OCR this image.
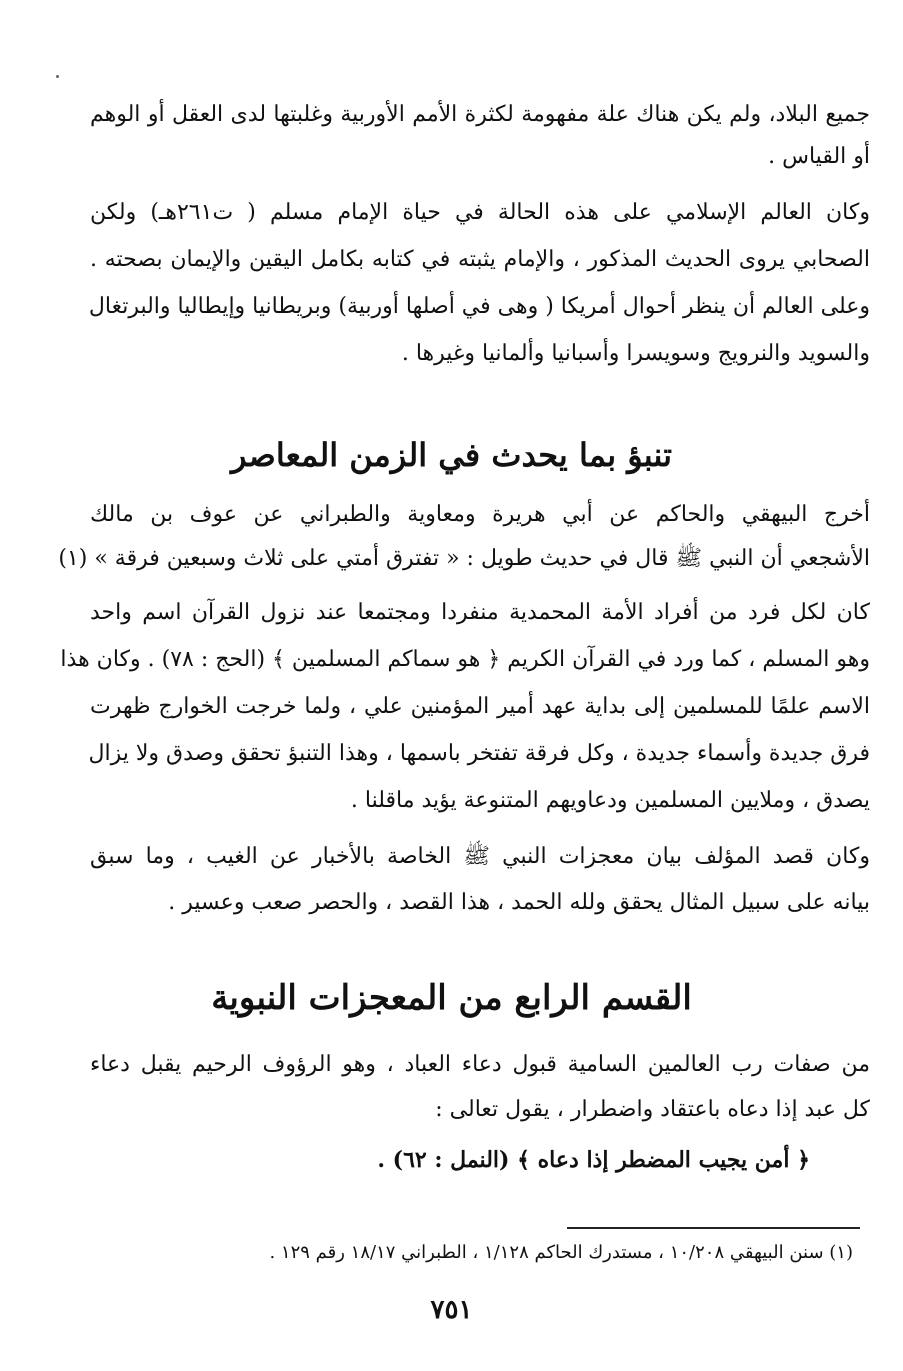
جميع البلاد، ولم يكن هناك علة مفهومة لكثرة الأمم الأوربية وغلبتها لدى العقل أو الوهم
أو القياس .
وكان العالم الإسلامي على هذه الحالة في حياة الإمام مسلم ( ت٢٦١هـ) ولكن
الصحابي يروى الحديث المذكور ، والإمام يثبته في كتابه بكامل اليقين والإيمان بصحته .
وعلى العالم أن ينظر أحوال أمريكا ( وهى في أصلها أوربية) وبريطانيا وإيطاليا والبرتغال
والسويد والنرويج وسويسرا وأسبانيا وألمانيا وغيرها .
تنبؤ بما يحدث في الزمن المعاصر
أخرج البيهقي والحاكم عن أبي هريرة ومعاوية والطبراني عن عوف بن مالك
الأشجعي أن النبي ﷺ قال في حديث طويل : « تفترق أمتي على ثلاث وسبعين فرقة » (١)
كان لكل فرد من أفراد الأمة المحمدية منفردا ومجتمعا عند نزول القرآن اسم واحد
وهو المسلم ، كما ورد في القرآن الكريم ﴿ هو سماكم المسلمين ﴾ (الحج : ٧٨) . وكان هذا
الاسم علمًا للمسلمين إلى بداية عهد أمير المؤمنين علي ، ولما خرجت الخوارج ظهرت
فرق جديدة وأسماء جديدة ، وكل فرقة تفتخر باسمها ، وهذا التنبؤ تحقق وصدق ولا يزال
يصدق ، وملايين المسلمين ودعاويهم المتنوعة يؤيد ماقلنا .
وكان قصد المؤلف بيان معجزات النبي ﷺ الخاصة بالأخبار عن الغيب ، وما سبق
بيانه على سبيل المثال يحقق ولله الحمد ، هذا القصد ، والحصر صعب وعسير .
القسم الرابع من المعجزات النبوية
من صفات رب العالمين السامية قبول دعاء العباد ، وهو الرؤوف الرحيم يقبل دعاء
كل عبد إذا دعاه باعتقاد واضطرار ، يقول تعالى :
﴿ أمن يجيب المضطر إذا دعاه ﴾ (النمل : ٦٢) .
(١) سنن البيهقي ١٠/٢٠٨ ، مستدرك الحاكم ١/١٢٨ ، الطبراني ١٨/١٧ رقم ١٢٩ .
٧٥١
